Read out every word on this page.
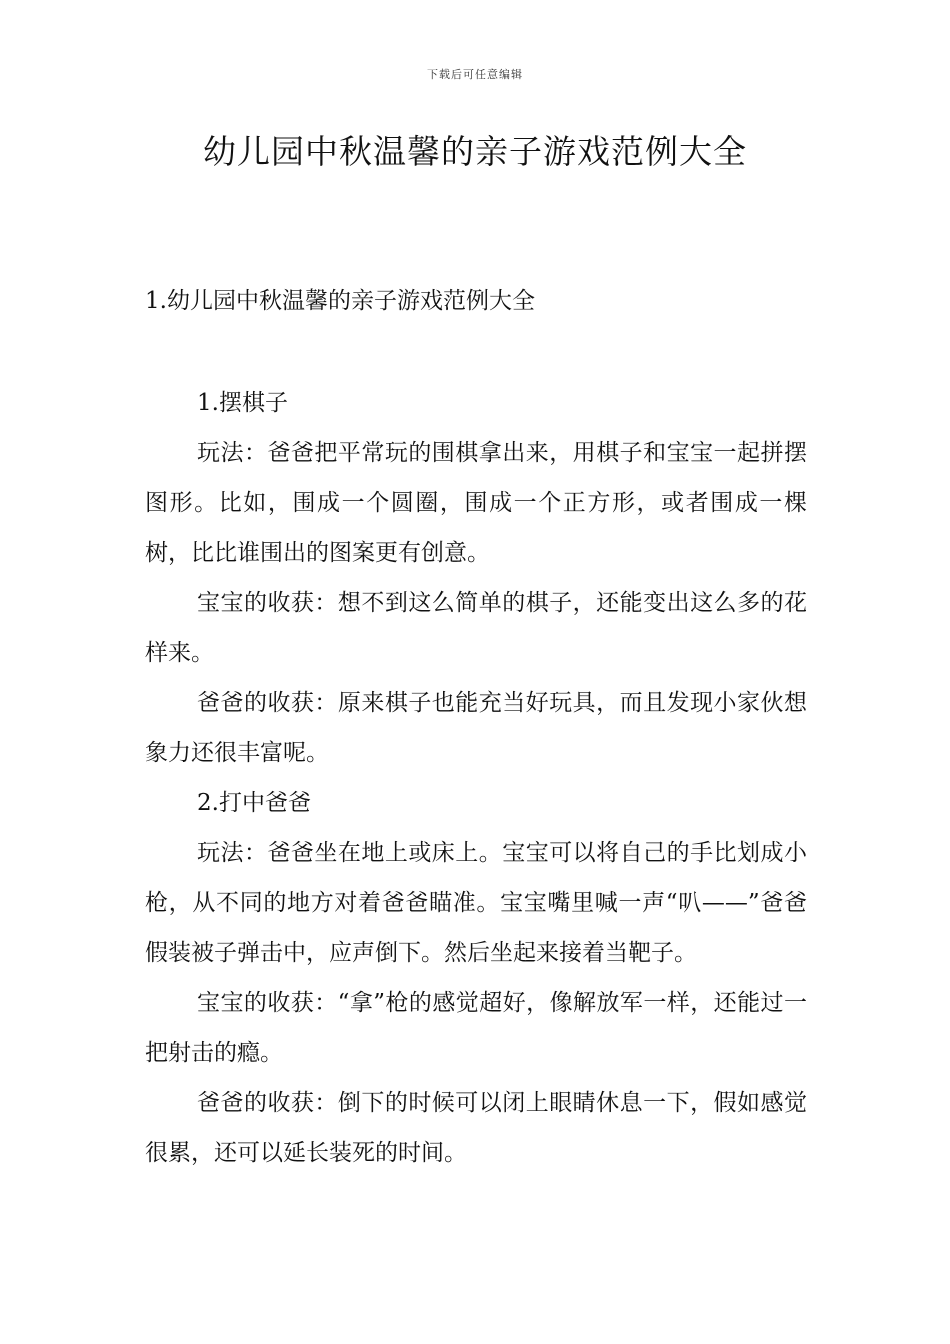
下载后可任意编辑
幼儿园中秋温馨的亲子游戏范例大全
1.幼儿园中秋温馨的亲子游戏范例大全

1.摆棋子

玩法：爸爸把平常玩的围棋拿出来，用棋子和宝宝一起拼摆图形。比如，围成一个圆圈，围成一个正方形，或者围成一棵树，比比谁围出的图案更有创意。

宝宝的收获：想不到这么简单的棋子，还能变出这么多的花样来。

爸爸的收获：原来棋子也能充当好玩具，而且发现小家伙想象力还很丰富呢。

2.打中爸爸

玩法：爸爸坐在地上或床上。宝宝可以将自己的手比划成小枪，从不同的地方对着爸爸瞄准。宝宝嘴里喊一声“叭——”爸爸假装被子弹击中，应声倒下。然后坐起来接着当靶子。

宝宝的收获：“拿”枪的感觉超好，像解放军一样，还能过一把射击的瘾。

爸爸的收获：倒下的时候可以闭上眼睛休息一下，假如感觉很累，还可以延长装死的时间。
